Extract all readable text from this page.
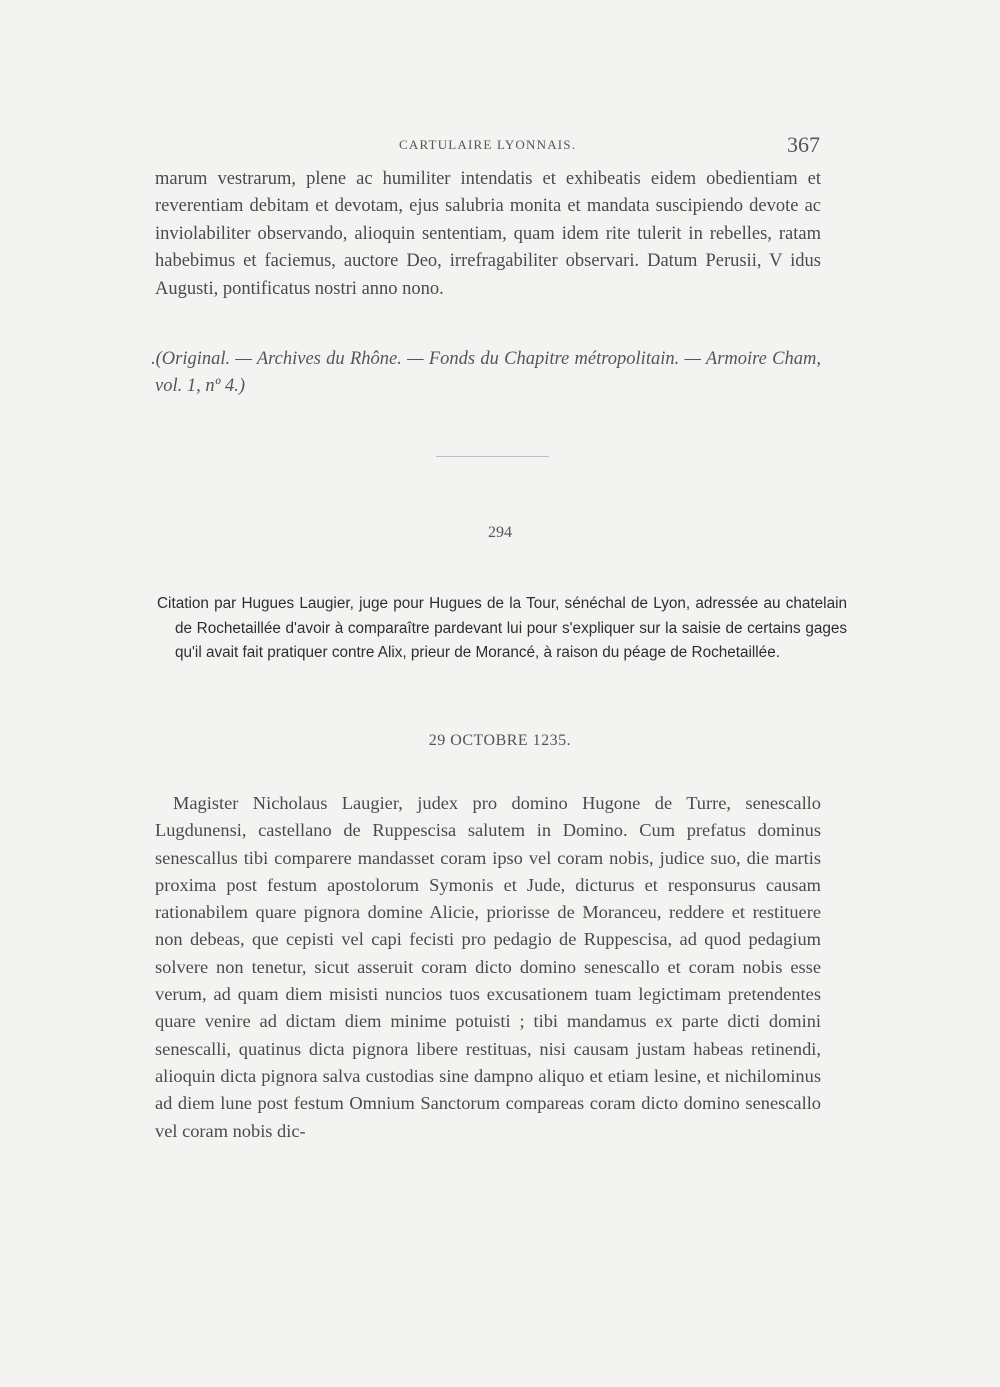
CARTULAIRE LYONNAIS.	367
marum vestrarum, plene ac humiliter intendatis et exhibeatis eidem obedientiam et reverentiam debitam et devotam, ejus salubria monita et mandata suscipiendo devote ac inviolabiliter observando, alioquin sententiam, quam idem rite tulerit in rebelles, ratam habebimus et faciemus, auctore Deo, irrefragabiliter observari. Datum Perusii, V idus Augusti, pontificatus nostri anno nono.
.(Original. — Archives du Rhône. — Fonds du Chapitre métropolitain. — Armoire Cham, vol. 1, nº 4.)
294
Citation par Hugues Laugier, juge pour Hugues de la Tour, sénéchal de Lyon, adressée au chatelain de Rochetaillée d'avoir à comparaître pardevant lui pour s'expliquer sur la saisie de certains gages qu'il avait fait pratiquer contre Alix, prieur de Morancé, à raison du péage de Rochetaillée.
29 OCTOBRE 1235.
Magister Nicholaus Laugier, judex pro domino Hugone de Turre, senescallo Lugdunensi, castellano de Ruppescisa salutem in Domino. Cum prefatus dominus senescallus tibi comparere mandasset coram ipso vel coram nobis, judice suo, die martis proxima post festum apostolorum Symonis et Jude, dicturus et responsurus causam rationabilem quare pignora domine Alicie, priorisse de Moranceu, reddere et restituere non debeas, que cepisti vel capi fecisti pro pedagio de Ruppescisa, ad quod pedagium solvere non tenetur, sicut asseruit coram dicto domino senescallo et coram nobis esse verum, ad quam diem misisti nuncios tuos excusationem tuam legictimam pretendentes quare venire ad dictam diem minime potuisti ; tibi mandamus ex parte dicti domini senescalli, quatinus dicta pignora libere restituas, nisi causam justam habeas retinendi, alioquin dicta pignora salva custodias sine dampno aliquo et etiam lesine, et nichilominus ad diem lune post festum Omnium Sanctorum compareas coram dicto domino senescallo vel coram nobis dic-
